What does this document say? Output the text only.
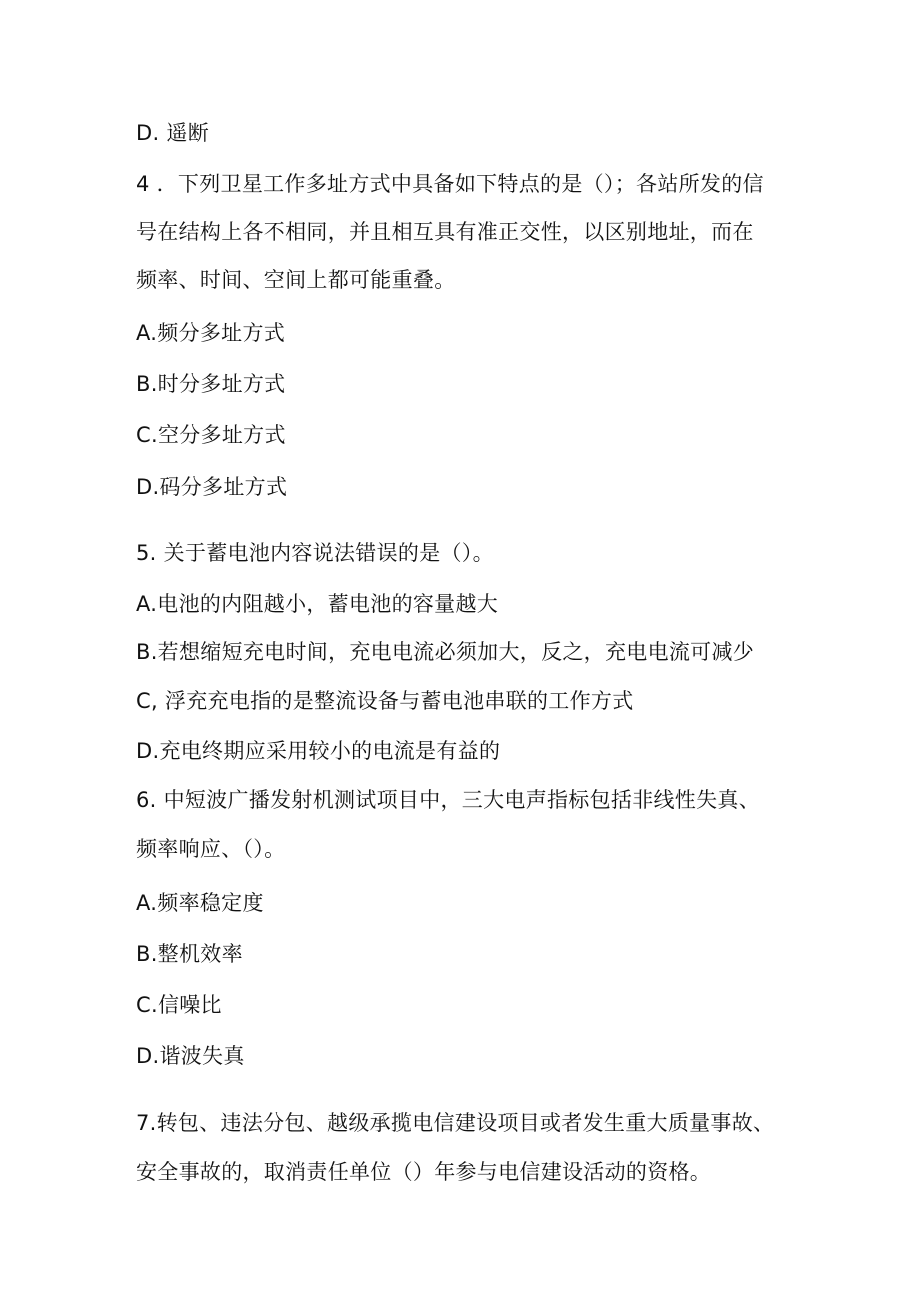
D. 遥断
4 ．下列卫星工作多址方式中具备如下特点的是（）；各站所发的信
号在结构上各不相同，并且相互具有准正交性，以区别地址，而在
频率、时间、空间上都可能重叠。
A.频分多址方式
B.时分多址方式
C.空分多址方式
D.码分多址方式
5. 关于蓄电池内容说法错误的是（）。
A.电池的内阻越小，蓄电池的容量越大
B.若想缩短充电时间，充电电流必须加大，反之，充电电流可减少
C, 浮充充电指的是整流设备与蓄电池串联的工作方式
D.充电终期应采用较小的电流是有益的
6. 中短波广播发射机测试项目中，三大电声指标包括非线性失真、
频率响应、（）。
A.频率稳定度
B.整机效率
C.信噪比
D.谐波失真
7.转包、违法分包、越级承揽电信建设项目或者发生重大质量事故、
安全事故的，取消责任单位（）年参与电信建设活动的资格。
